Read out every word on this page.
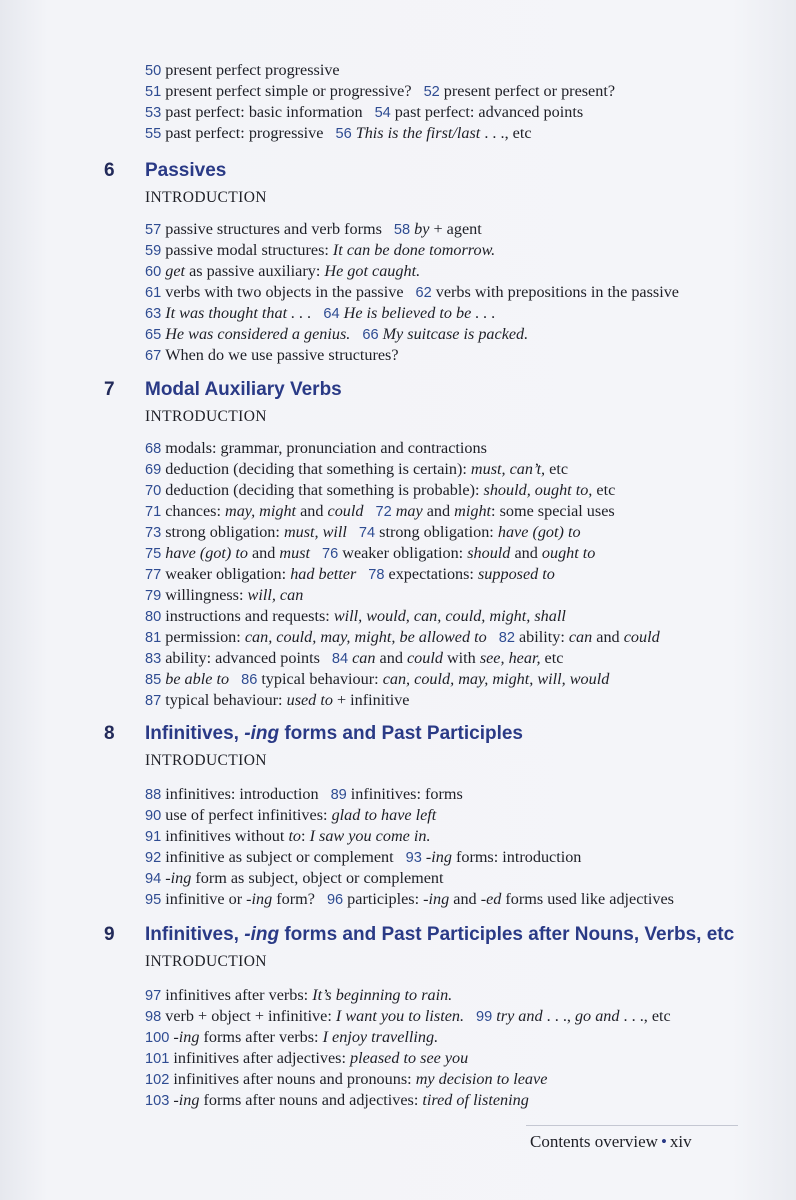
6 Passives
INTRODUCTION
7 Modal Auxiliary Verbs
INTRODUCTION
8 Infinitives, -ing forms and Past Participles
INTRODUCTION
9 Infinitives, -ing forms and Past Participles after Nouns, Verbs, etc
INTRODUCTION
50 present perfect progressive
51 present perfect simple or progressive? 52 present perfect or present?
53 past perfect: basic information 54 past perfect: advanced points
55 past perfect: progressive 56 This is the first/last . . ., etc
57 passive structures and verb forms 58 by + agent
59 passive modal structures: It can be done tomorrow.
60 get as passive auxiliary: He got caught.
61 verbs with two objects in the passive 62 verbs with prepositions in the passive
63 It was thought that . . . 64 He is believed to be . . .
65 He was considered a genius. 66 My suitcase is packed.
67 When do we use passive structures?
68 modals: grammar, pronunciation and contractions
69 deduction (deciding that something is certain): must, can’t, etc
70 deduction (deciding that something is probable): should, ought to, etc
71 chances: may, might and could 72 may and might: some special uses
73 strong obligation: must, will 74 strong obligation: have (got) to
75 have (got) to and must 76 weaker obligation: should and ought to
77 weaker obligation: had better 78 expectations: supposed to
79 willingness: will, can
80 instructions and requests: will, would, can, could, might, shall
81 permission: can, could, may, might, be allowed to 82 ability: can and could
83 ability: advanced points 84 can and could with see, hear, etc
85 be able to 86 typical behaviour: can, could, may, might, will, would
87 typical behaviour: used to + infinitive
88 infinitives: introduction 89 infinitives: forms
90 use of perfect infinitives: glad to have left
91 infinitives without to: I saw you come in.
92 infinitive as subject or complement 93 -ing forms: introduction
94 -ing form as subject, object or complement
95 infinitive or -ing form? 96 participles: -ing and -ed forms used like adjectives
97 infinitives after verbs: It’s beginning to rain.
98 verb + object + infinitive: I want you to listen. 99 try and . . ., go and . . ., etc
100 -ing forms after verbs: I enjoy travelling.
101 infinitives after adjectives: pleased to see you
102 infinitives after nouns and pronouns: my decision to leave
103 -ing forms after nouns and adjectives: tired of listening
Contents overview • xiv
